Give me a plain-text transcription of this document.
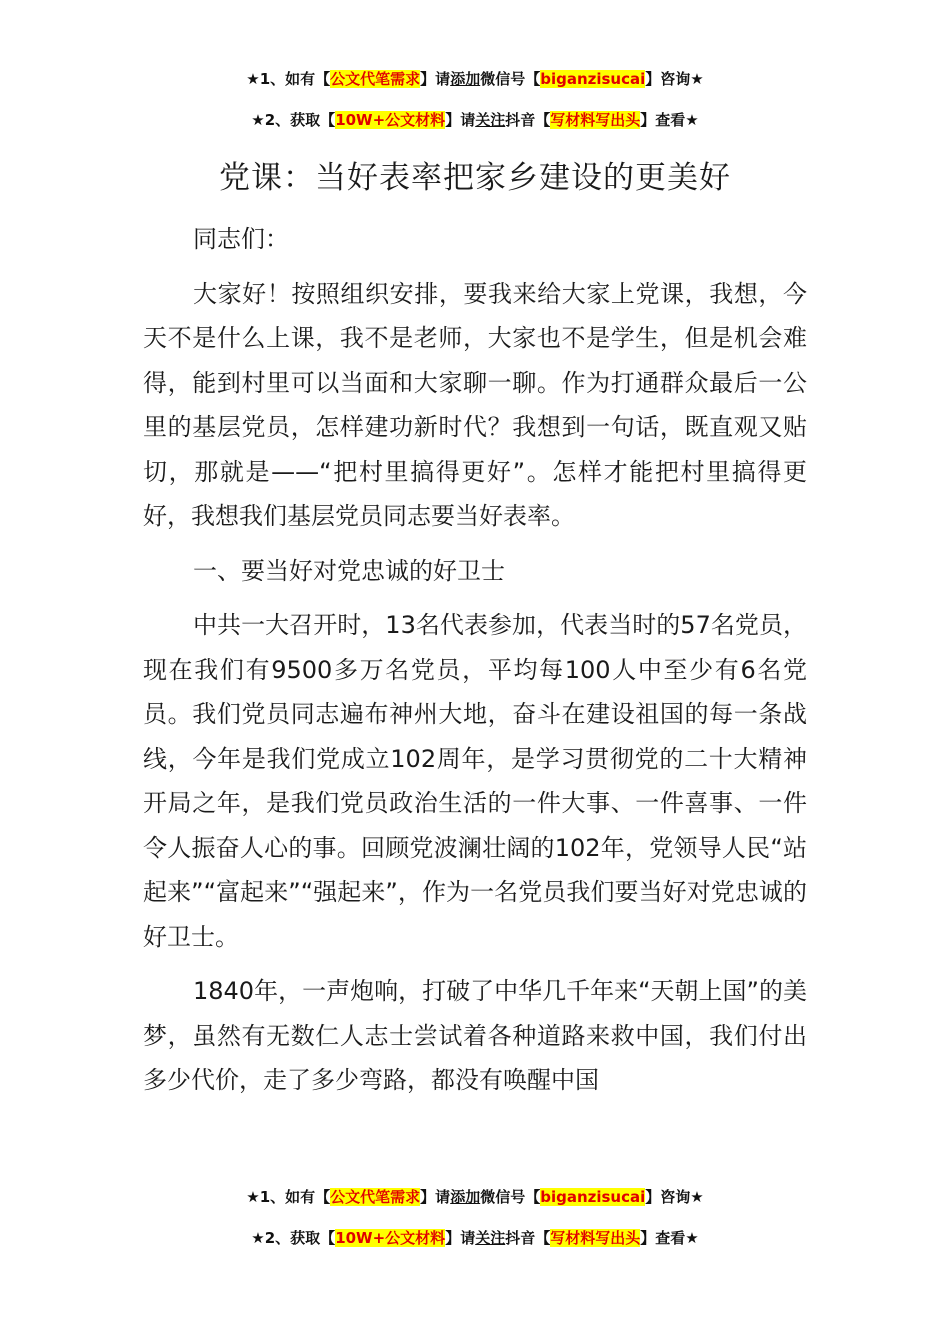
★1、如有【公文代笔需求】请添加微信号【biganzisucai】咨询★
★2、获取【10W+公文材料】请关注抖音【写材料写出头】查看★
党课：当好表率把家乡建设的更美好

同志们：

大家好！按照组织安排，要我来给大家上党课，我想，今天不是什么上课，我不是老师，大家也不是学生，但是机会难得，能到村里可以当面和大家聊一聊。作为打通群众最后一公里的基层党员，怎样建功新时代？我想到一句话，既直观又贴切，那就是——“把村里搞得更好”。怎样才能把村里搞得更好，我想我们基层党员同志要当好表率。

一、要当好对党忠诚的好卫士

中共一大召开时，13名代表参加，代表当时的57名党员，现在我们有9500多万名党员，平均每100人中至少有6名党员。我们党员同志遍布神州大地，奋斗在建设祖国的每一条战线，今年是我们党成立102周年，是学习贯彻党的二十大精神开局之年，是我们党员政治生活的一件大事、一件喜事、一件令人振奋人心的事。回顾党波澜壮阔的102年，党领导人民“站起来”“富起来”“强起来”，作为一名党员我们要当好对党忠诚的好卫士。

1840年，一声炮响，打破了中华几千年来“天朝上国”的美梦，虽然有无数仁人志士尝试着各种道路来救中国，我们付出多少代价，走了多少弯路，都没有唤醒中国

★1、如有【公文代笔需求】请添加微信号【biganzisucai】咨询★
★2、获取【10W+公文材料】请关注抖音【写材料写出头】查看★
